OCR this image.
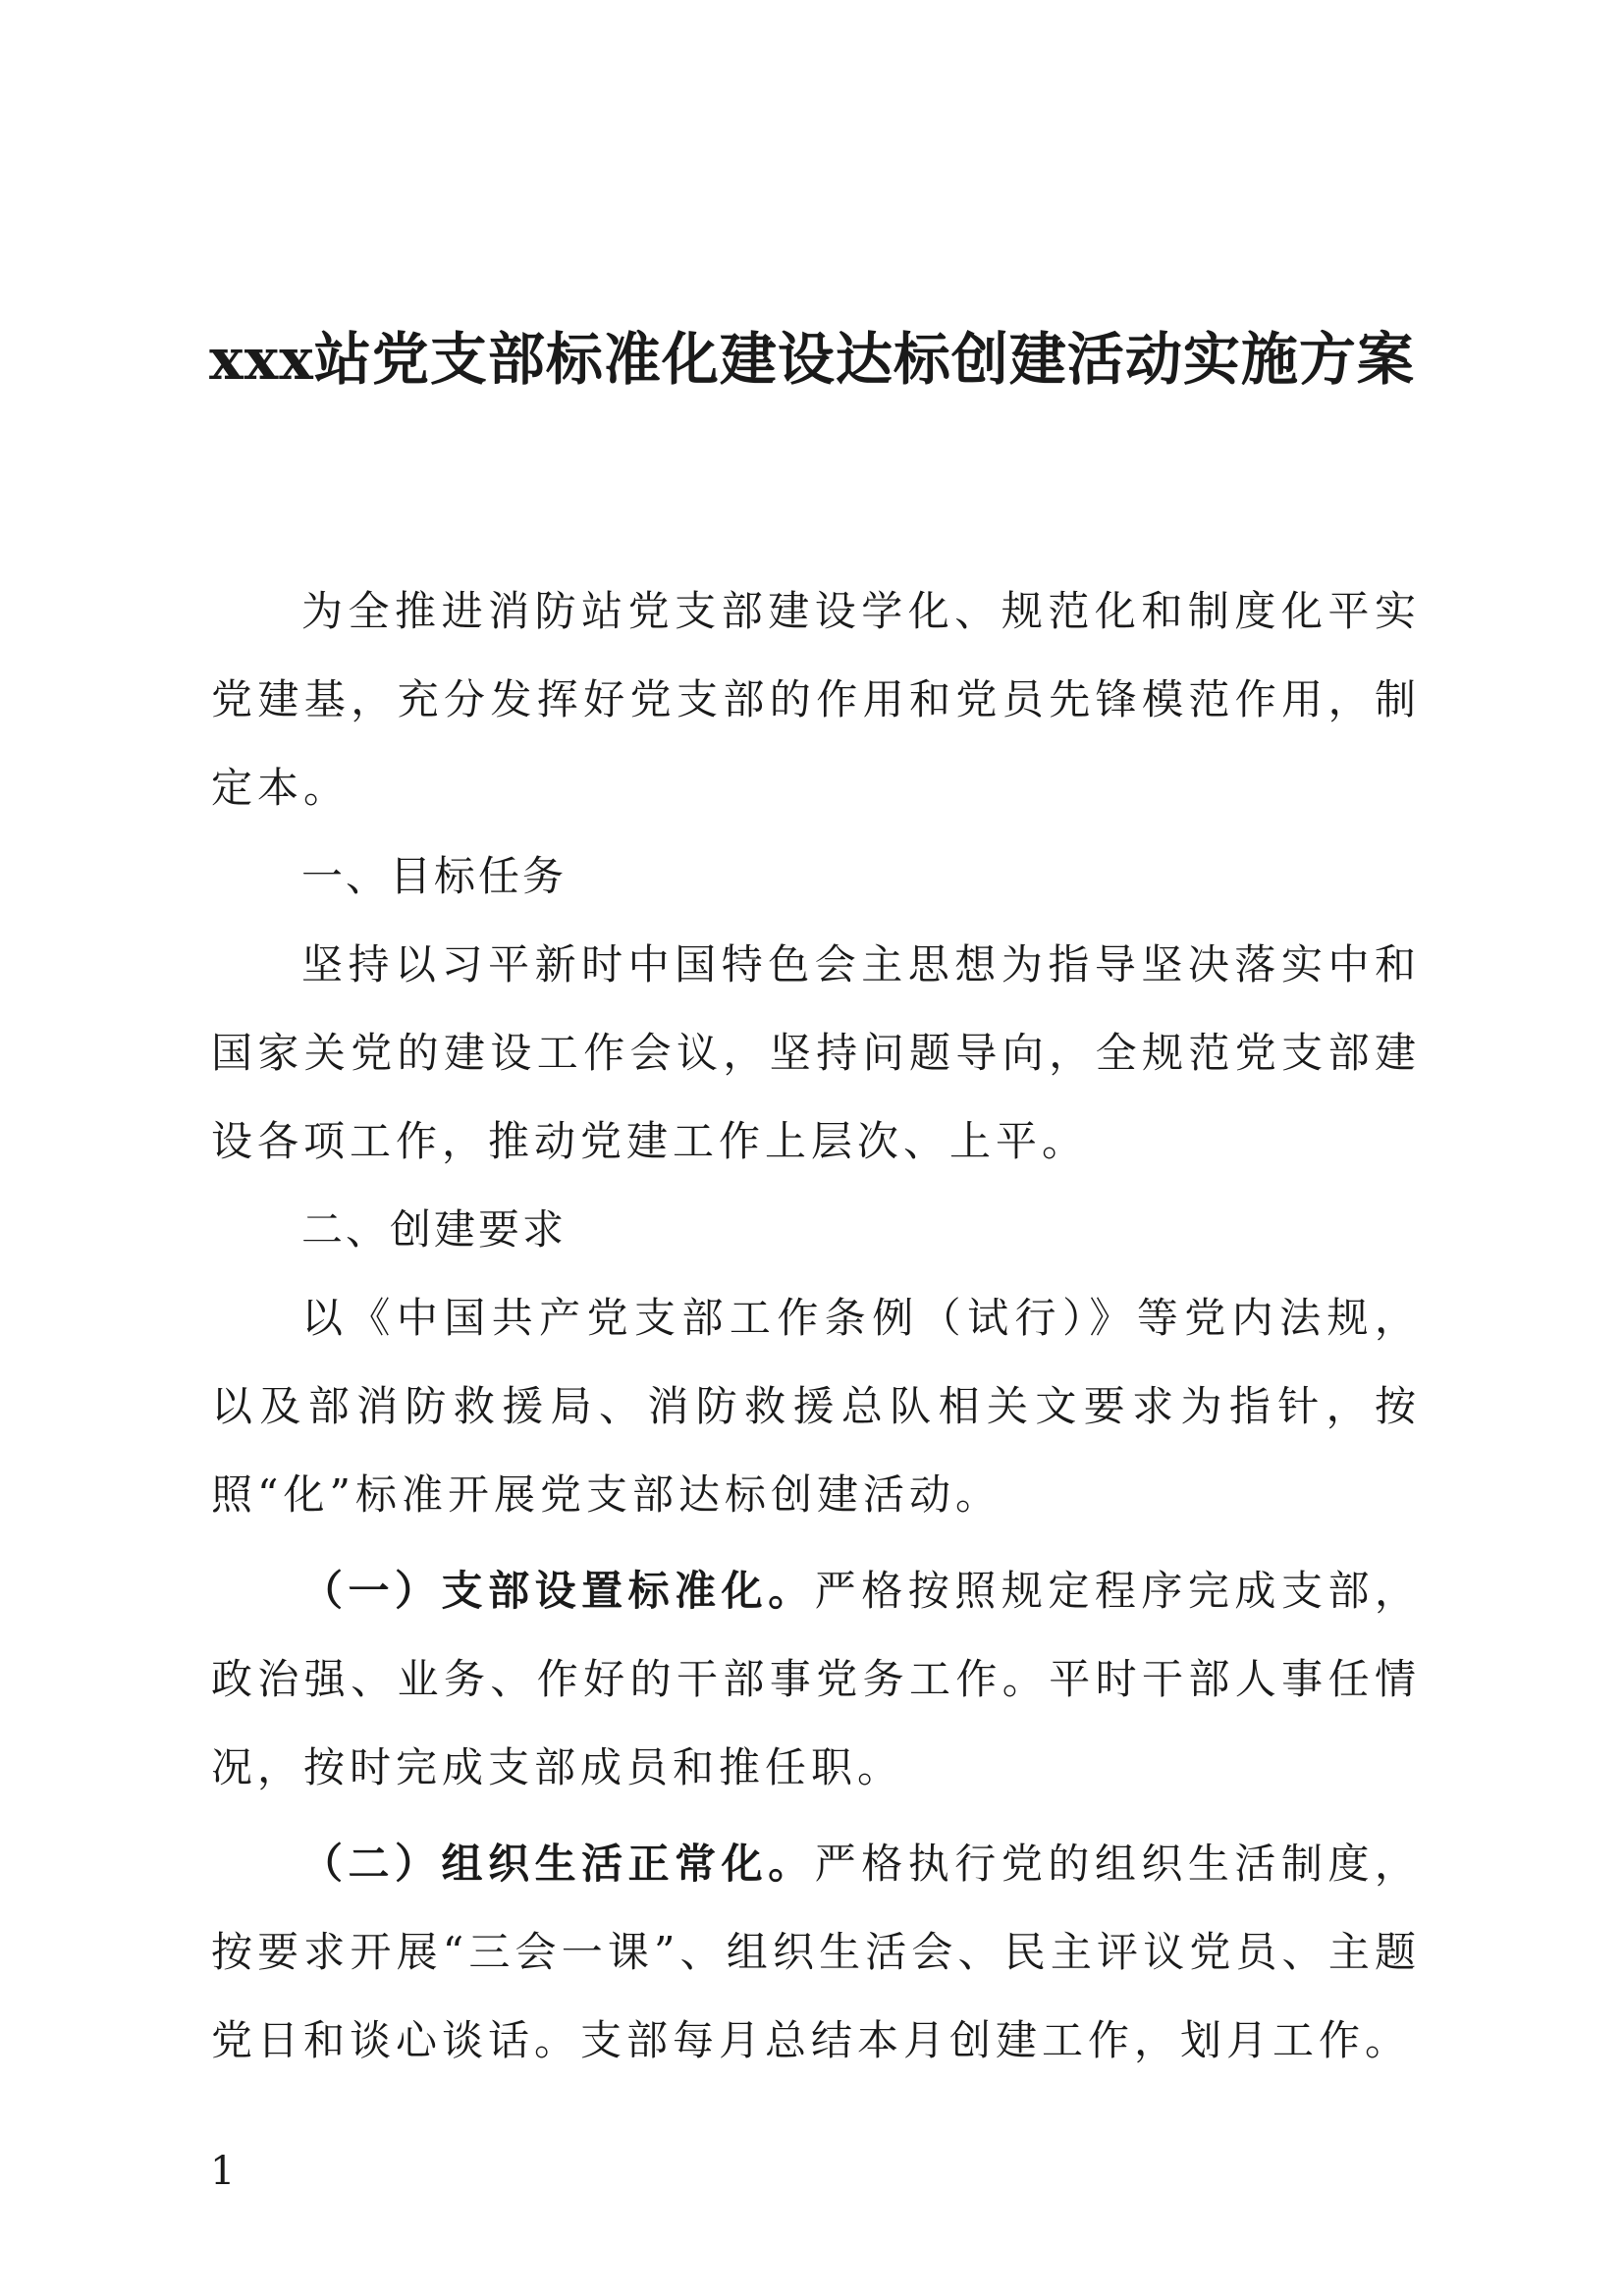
xxx站党支部标准化建设达标创建活动实施方案

为全推进消防站党支部建设学化、规范化和制度化平实党建基，充分发挥好党支部的作用和党员先锋模范作用，制定本。

一、目标任务

坚持以习平新时中国特色会主思想为指导坚决落实中和国家关党的建设工作会议，坚持问题导向，全规范党支部建设各项工作，推动党建工作上层次、上平。

二、创建要求

以《中国共产党支部工作条例（试行）》等党内法规，以及部消防救援局、消防救援总队相关文要求为指针，按照“化”标准开展党支部达标创建活动。

（一）支部设置标准化。严格按照规定程序完成支部，政治强、业务、作好的干部事党务工作。平时干部人事任情况，按时完成支部成员和推任职。

（二）组织生活正常化。严格执行党的组织生活制度，按要求开展“三会一课”、组织生活会、民主评议党员、主题党日和谈心谈话。支部每月总结本月创建工作，划月工作。

1
